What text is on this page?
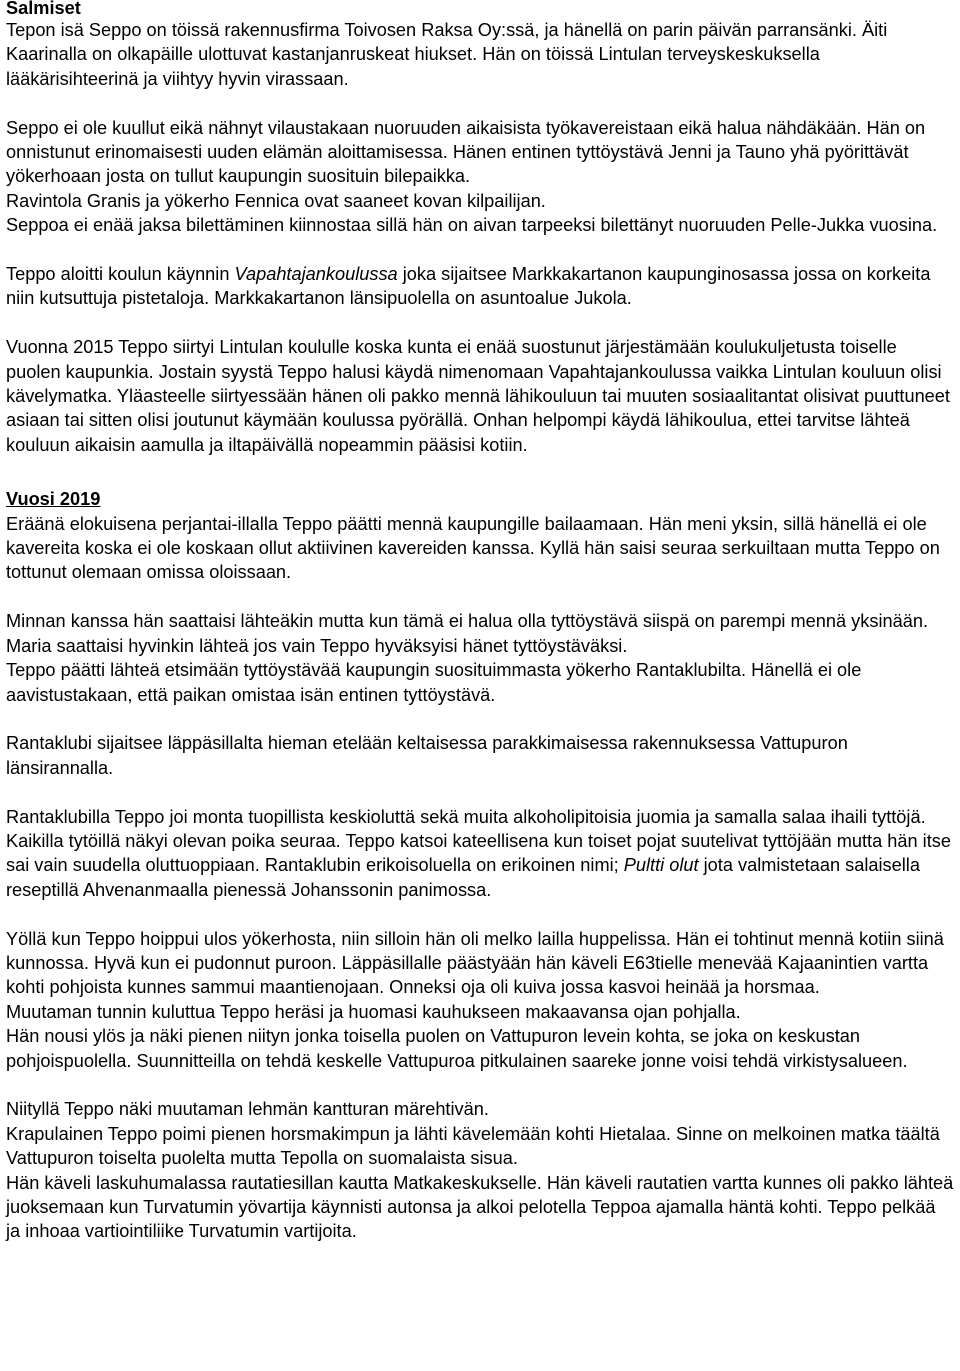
Salmiset

Tepon isä Seppo on töissä rakennusfirma Toivosen Raksa Oy:ssä, ja hänellä on parin päivän parransänki. Äiti Kaarinalla on olkapäille ulottuvat kastanjanruskeat hiukset. Hän on töissä Lintulan terveyskeskuksella lääkärisihteerinä ja viihtyy hyvin virassaan.

Seppo ei ole kuullut eikä nähnyt vilaustakaan nuoruuden aikaisista työkavereistaan eikä halua nähdäkään. Hän on onnistunut erinomaisesti uuden elämän aloittamisessa. Hänen entinen tyttöystävä Jenni ja Tauno yhä pyörittävät yökerhoaan josta on tullut kaupungin suosituin bilepaikka.

Ravintola Granis ja yökerho Fennica ovat saaneet kovan kilpailijan.

Seppoa ei enää jaksa bilettäminen kiinnostaa sillä hän on aivan tarpeeksi bilettänyt nuoruuden Pelle-Jukka vuosina.

Teppo aloitti koulun käynnin Vapahtajankoulussa joka sijaitsee Markkakartanon kaupunginosassa jossa on korkeita niin kutsuttuja pistetaloja. Markkakartanon länsipuolella on asuntoalue Jukola.

Vuonna 2015 Teppo siirtyi Lintulan koululle koska kunta ei enää suostunut järjestämään koulukuljetusta toiselle puolen kaupunkia. Jostain syystä Teppo halusi käydä nimenomaan Vapahtajankoulussa vaikka Lintulan kouluun olisi kävelymatka. Yläasteelle siirtyessään hänen oli pakko mennä lähikouluun tai muuten sosiaalitantat olisivat puuttuneet asiaan tai sitten olisi joutunut käymään koulussa pyörällä. Onhan helpompi käydä lähikoulua, ettei tarvitse lähteä kouluun aikaisin aamulla ja iltapäivällä nopeammin pääsisi kotiin.

Vuosi 2019

Eräänä elokuisena perjantai-illalla Teppo päätti mennä kaupungille bailaamaan. Hän meni yksin, sillä hänellä ei ole kavereita koska ei ole koskaan ollut aktiivinen kavereiden kanssa. Kyllä hän saisi seuraa serkuiltaan mutta Teppo on tottunut olemaan omissa oloissaan.

Minnan kanssa hän saattaisi lähteäkin mutta kun tämä ei halua olla tyttöystävä siispä on parempi mennä yksinään. Maria saattaisi hyvinkin lähteä jos vain Teppo hyväksyisi hänet tyttöystäväksi.

Teppo päätti lähteä etsimään tyttöystävää kaupungin suosituimmasta yökerho Rantaklubilta. Hänellä ei ole aavistustakaan, että paikan omistaa isän entinen tyttöystävä.

Rantaklubi sijaitsee läppäsillalta hieman etelään keltaisessa parakkimaisessa rakennuksessa Vattupuron länsirannalla.

Rantaklubilla Teppo joi monta tuopillista keskioluttä sekä muita alkoholipitoisia juomia ja samalla salaa ihaili tyttöjä. Kaikilla tytöillä näkyi olevan poika seuraa. Teppo katsoi kateellisena kun toiset pojat suutelivat tyttöjään mutta hän itse sai vain suudella oluttuoppiaan. Rantaklubin erikoisoluella on erikoinen nimi; Pultti olut jota valmistetaan salaisella reseptillä Ahvenanmaalla pienessä Johanssonin panimossa.

Yöllä kun Teppo hoippui ulos yökerhosta, niin silloin hän oli melko lailla huppelissa. Hän ei tohtinut mennä kotiin siinä kunnossa. Hyvä kun ei pudonnut puroon. Läppäsillalle päästyään hän käveli E63tielle menevää Kajaanintien vartta kohti pohjoista kunnes sammui maantienojaan. Onneksi oja oli kuiva jossa kasvoi heinää ja horsmaa.

Muutaman tunnin kuluttua Teppo heräsi ja huomasi kauhukseen makaavansa ojan pohjalla.

Hän nousi ylös ja näki pienen niityn jonka toisella puolen on Vattupuron levein kohta, se joka on keskustan pohjoispuolella. Suunnitteilla on tehdä keskelle Vattupuroa pitkulainen saareke jonne voisi tehdä virkistysalueen.

Niityllä Teppo näki muutaman lehmän kantturan märehtivän.

Krapulainen Teppo poimi pienen horsmakimpun ja lähti kävelemään kohti Hietalaa. Sinne on melkoinen matka täältä Vattupuron toiselta puolelta mutta Tepolla on suomalaista sisua.

Hän käveli laskuhumalassa rautatiesillan kautta Matkakeskukselle. Hän käveli rautatien vartta kunnes oli pakko lähteä juoksemaan kun Turvatumin yövartija käynnisti autonsa ja alkoi pelotella Teppoa ajamalla häntä kohti. Teppo pelkää ja inhoaa vartiointiliike Turvatumin vartijoita.
